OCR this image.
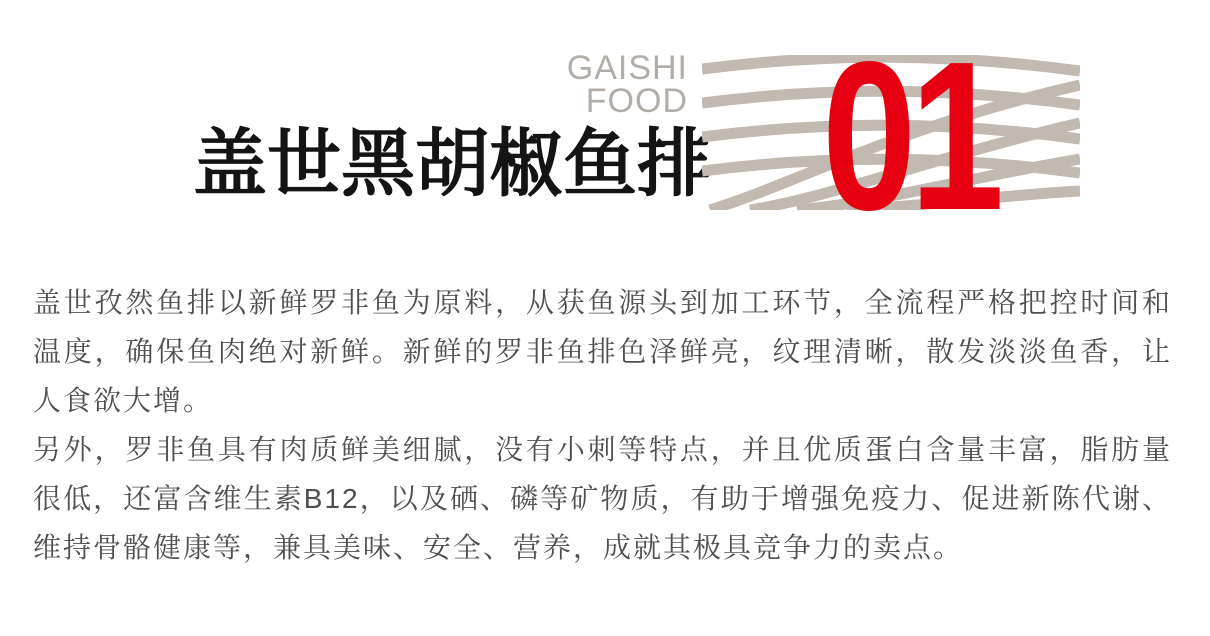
盖世黑胡椒鱼排
GAISHI
FOOD 01

盖世孜然鱼排以新鲜罗非鱼为原料，从获鱼源头到加工环节，全流程严格把控时间和温度，确保鱼肉绝对新鲜。新鲜的罗非鱼排色泽鲜亮，纹理清晰，散发淡淡鱼香，让人食欲大增。

另外，罗非鱼具有肉质鲜美细腻，没有小刺等特点，并且优质蛋白含量丰富，脂肪量很低，还富含维生素B12，以及硒、磷等矿物质，有助于增强免疫力、促进新陈代谢、维持骨骼健康等，兼具美味、安全、营养，成就其极具竞争力的卖点。
